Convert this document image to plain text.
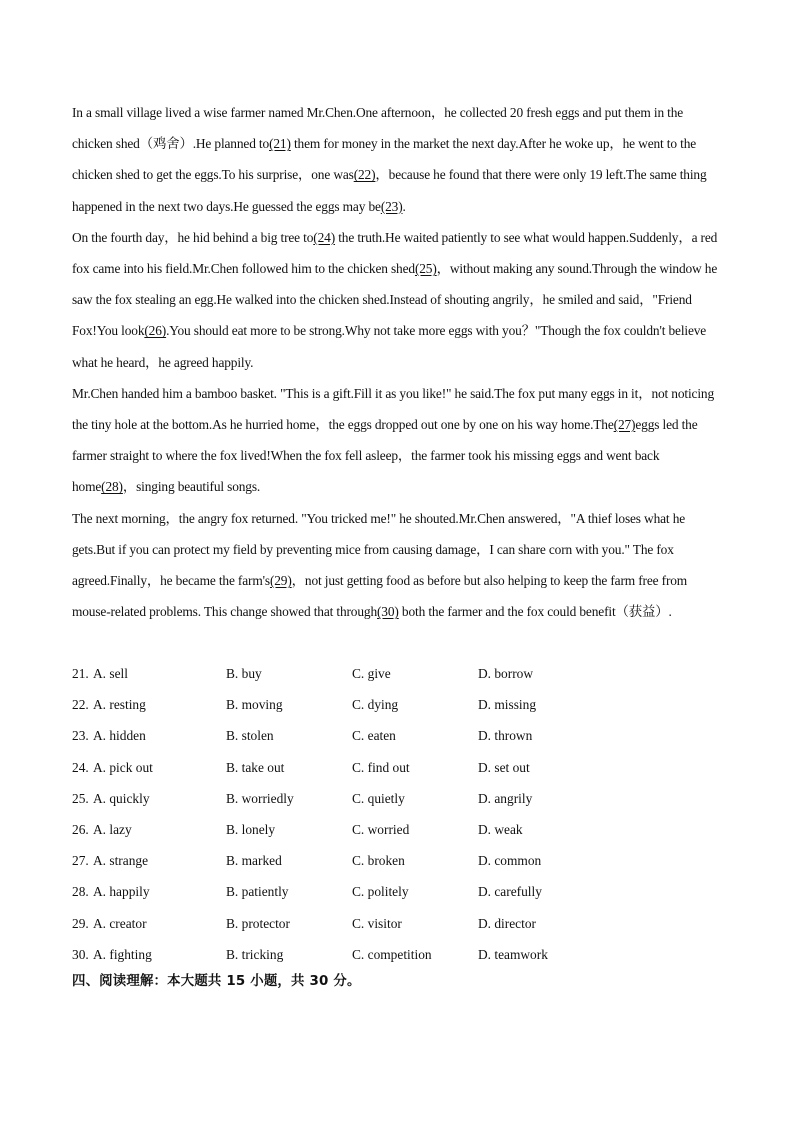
In a small village lived a wise farmer named Mr.Chen.One afternoon，he collected 20 fresh eggs and put them in the chicken shed（鸡舍）.He planned to(21) them for money in the market the next day.After he woke up，he went to the chicken shed to get the eggs.To his surprise，one was(22)，because he found that there were only 19 left.The same thing happened in the next two days.He guessed the eggs may be(23).

On the fourth day，he hid behind a big tree to(24) the truth.He waited patiently to see what would happen.Suddenly，a red fox came into his field.Mr.Chen followed him to the chicken shed(25)，without making any sound.Through the window he saw the fox stealing an egg.He walked into the chicken shed.Instead of shouting angrily，he smiled and said，"Friend Fox!You look(26).You should eat more to be strong.Why not take more eggs with you？"Though the fox couldn't believe what he heard，he agreed happily.

Mr.Chen handed him a bamboo basket. "This is a gift.Fill it as you like!" he said.The fox put many eggs in it，not noticing the tiny hole at the bottom.As he hurried home，the eggs dropped out one by one on his way home.The(27)eggs led the farmer straight to where the fox lived!When the fox fell asleep，the farmer took his missing eggs and went back home(28)，singing beautiful songs.

The next morning，the angry fox returned. "You tricked me!" he shouted.Mr.Chen answered，"A thief loses what he gets.But if you can protect my field by preventing mice from causing damage，I can share corn with you." The fox agreed.Finally，he became the farm's(29)，not just getting food as before but also helping to keep the farm free from mouse-related problems. This change showed that through(30) both the farmer and the fox could benefit（获益）.

21. A. sell	B. buy	C. give	D. borrow
22. A. resting	B. moving	C. dying	D. missing
23. A. hidden	B. stolen	C. eaten	D. thrown
24. A. pick out	B. take out	C. find out	D. set out
25. A. quickly	B. worriedly	C. quietly	D. angrily
26. A. lazy	B. lonely	C. worried	D. weak
27. A. strange	B. marked	C. broken	D. common
28. A. happily	B. patiently	C. politely	D. carefully
29. A. creator	B. protector	C. visitor	D. director
30. A. fighting	B. tricking	C. competition	D. teamwork
四、阅读理解：本大题共 15 小题，共 30 分。
